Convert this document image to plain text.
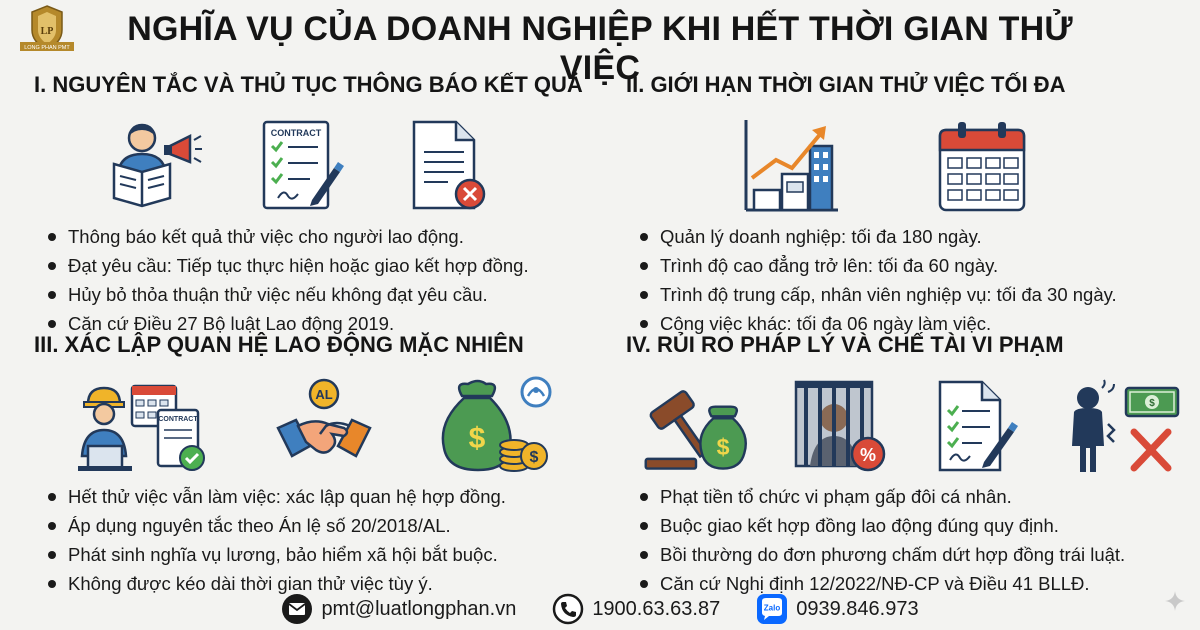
LP
LONG PHAN PMT	NGHĨA VỤ CỦA DOANH NGHIỆP KHI HẾT THỜI GIAN THỬ VIỆC
I. NGUYÊN TẮC VÀ THỦ TỤC THÔNG BÁO KẾT QUẢ
CONTRACT
Thông báo kết quả thử việc cho người lao động.
Đạt yêu cầu: Tiếp tục thực hiện hoặc giao kết hợp đồng.
Hủy bỏ thỏa thuận thử việc nếu không đạt yêu cầu.
Căn cứ Điều 27 Bộ luật Lao động 2019.
II. GIỚI HẠN THỜI GIAN THỬ VIỆC TỐI ĐA
Quản lý doanh nghiệp: tối đa 180 ngày.
Trình độ cao đẳng trở lên: tối đa 60 ngày.
Trình độ trung cấp, nhân viên nghiệp vụ: tối đa 30 ngày.
Công việc khác: tối đa 06 ngày làm việc.
III. XÁC LẬP QUAN HỆ LAO ĐỘNG MẶC NHIÊN
CONTRACT
AL
$
$
Hết thử việc vẫn làm việc: xác lập quan hệ hợp đồng.
Áp dụng nguyên tắc theo Án lệ số 20/2018/AL.
Phát sinh nghĩa vụ lương, bảo hiểm xã hội bắt buộc.
Không được kéo dài thời gian thử việc tùy ý.
IV. RỦI RO PHÁP LÝ VÀ CHẾ TÀI VI PHẠM
$	%
$
Phạt tiền tổ chức vi phạm gấp đôi cá nhân.
Buộc giao kết hợp đồng lao động đúng quy định.
Bồi thường do đơn phương chấm dứt hợp đồng trái luật.
Căn cứ Nghị định 12/2022/NĐ-CP và Điều 41 BLLĐ.
pmt@luatlongphan.vn	1900.63.63.87	Zalo 0939.846.973
